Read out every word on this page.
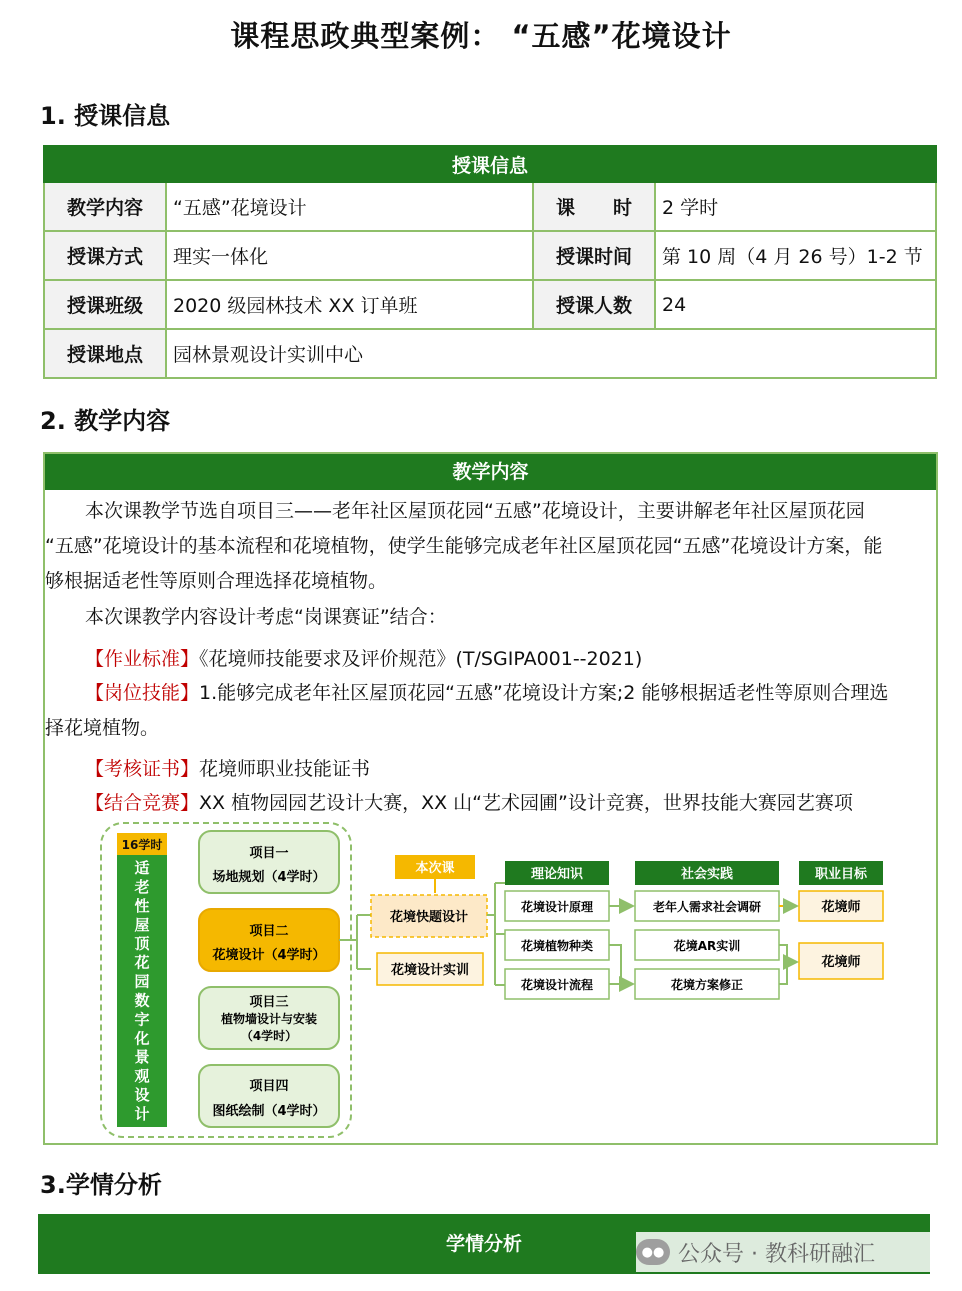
课程思政典型案例： “五感”花境设计
1. 授课信息
授课信息			
教学内容	“五感”花境设计	课　　时	2 学时
授课方式	理实一体化	授课时间	第 10 周（4 月 26 号）1-2 节
授课班级	2020 级园林技术 XX 订单班	授课人数	24
授课地点	园林景观设计实训中心		
2. 教学内容
教学内容
本次课教学节选自项目三——老年社区屋顶花园“五感”花境设计，主要讲解老年社区屋顶花园
“五感”花境设计的基本流程和花境植物，使学生能够完成老年社区屋顶花园“五感”花境设计方案，能
够根据适老性等原则合理选择花境植物。
本次课教学内容设计考虑“岗课赛证”结合：
【作业标准】《花境师技能要求及评价规范》(T/SGIPA001--2021)
【岗位技能】1.能够完成老年社区屋顶花园“五感”花境设计方案;2 能够根据适老性等原则合理选
择花境植物。
【考核证书】花境师职业技能证书
【结合竞赛】XX 植物园园艺设计大赛，XX 山“艺术园圃”设计竞赛，世界技能大赛园艺赛项
16学时
适
老
性
屋
顶
花
园
数
字
化
景
观
设
计
项目一
场地规划（4学时）
项目二
花境设计（4学时）
项目三
植物墙设计与安装
（4学时）
项目四
图纸绘制（4学时）
本次课
花境快题设计
花境设计实训
理论知识	社会实践	职业目标
花境设计原理
花境植物种类
花境设计流程
老年人需求社会调研
花境AR实训
花境方案修正
花境师
花境师
3.学情分析
学情分析	●● 公众号 · 教科研融汇
